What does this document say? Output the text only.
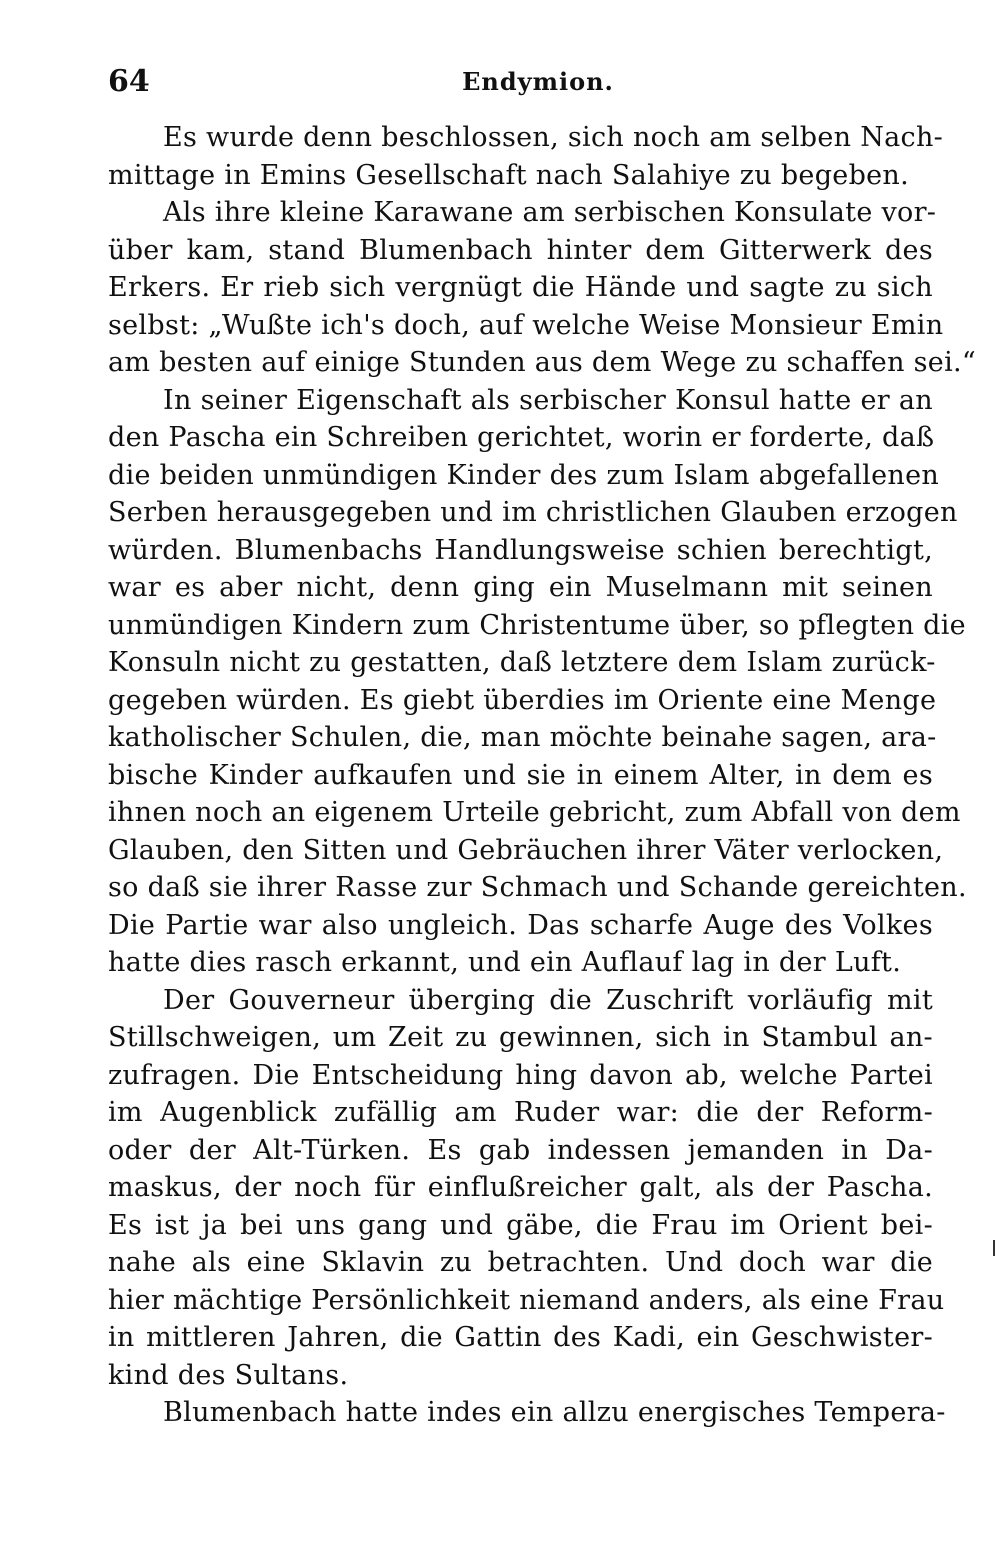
64	Endymion.
Es wurde denn beschlossen, sich noch am selben Nach-
mittage in Emins Gesellschaft nach Salahiye zu begeben.
Als ihre kleine Karawane am serbischen Konsulate vor-
über kam, stand Blumenbach hinter dem Gitterwerk des
Erkers. Er rieb sich vergnügt die Hände und sagte zu sich
selbst: „Wußte ich's doch, auf welche Weise Monsieur Emin
am besten auf einige Stunden aus dem Wege zu schaffen sei.“
In seiner Eigenschaft als serbischer Konsul hatte er an
den Pascha ein Schreiben gerichtet, worin er forderte, daß
die beiden unmündigen Kinder des zum Islam abgefallenen
Serben herausgegeben und im christlichen Glauben erzogen
würden. Blumenbachs Handlungsweise schien berechtigt,
war es aber nicht, denn ging ein Muselmann mit seinen
unmündigen Kindern zum Christentume über, so pflegten die
Konsuln nicht zu gestatten, daß letztere dem Islam zurück-
gegeben würden. Es giebt überdies im Oriente eine Menge
katholischer Schulen, die, man möchte beinahe sagen, ara-
bische Kinder aufkaufen und sie in einem Alter, in dem es
ihnen noch an eigenem Urteile gebricht, zum Abfall von dem
Glauben, den Sitten und Gebräuchen ihrer Väter verlocken,
so daß sie ihrer Rasse zur Schmach und Schande gereichten.
Die Partie war also ungleich. Das scharfe Auge des Volkes
hatte dies rasch erkannt, und ein Auflauf lag in der Luft.
Der Gouverneur überging die Zuschrift vorläufig mit
Stillschweigen, um Zeit zu gewinnen, sich in Stambul an-
zufragen. Die Entscheidung hing davon ab, welche Partei
im Augenblick zufällig am Ruder war: die der Reform-
oder der Alt-Türken. Es gab indessen jemanden in Da-
maskus, der noch für einflußreicher galt, als der Pascha.
Es ist ja bei uns gang und gäbe, die Frau im Orient bei-
nahe als eine Sklavin zu betrachten. Und doch war die
hier mächtige Persönlichkeit niemand anders, als eine Frau
in mittleren Jahren, die Gattin des Kadi, ein Geschwister-
kind des Sultans.
Blumenbach hatte indes ein allzu energisches Tempera-
